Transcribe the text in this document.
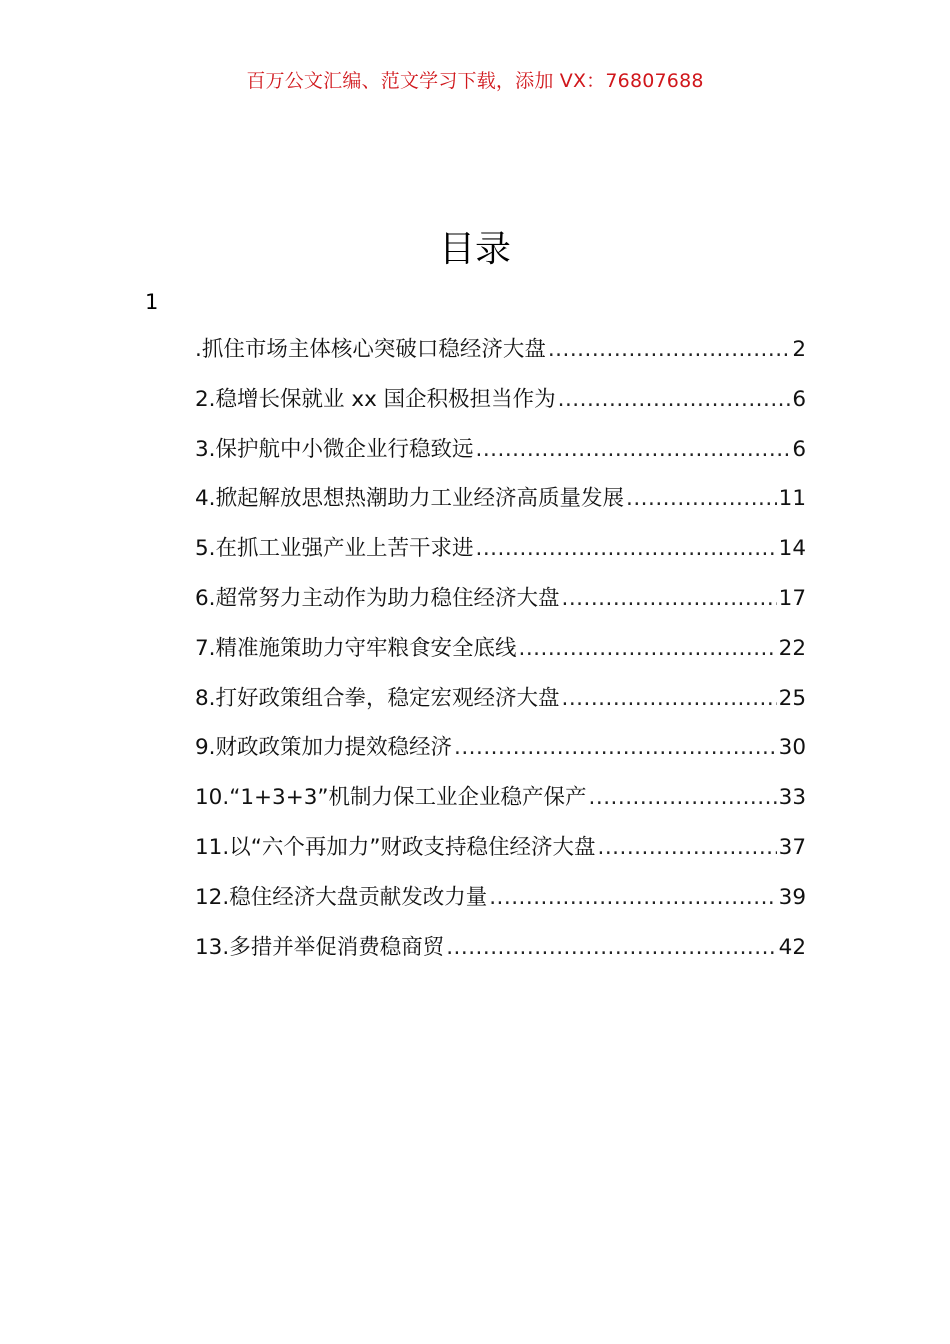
百万公文汇编、范文学习下载，添加 VX：76807688
目录
1
.抓住市场主体核心突破口稳经济大盘 .....	2
2.稳增长保就业 xx 国企积极担当作为 .....	6
3.保护航中小微企业行稳致远 .....	6
4.掀起解放思想热潮助力工业经济高质量发展 .....	11
5.在抓工业强产业上苦干求进 .....	14
6.超常努力主动作为助力稳住经济大盘 .....	17
7.精准施策助力守牢粮食安全底线 .....	22
8.打好政策组合拳，稳定宏观经济大盘 .....	25
9.财政政策加力提效稳经济 .....	30
10.“1+3+3”机制力保工业企业稳产保产 .....	33
11.以“六个再加力”财政支持稳住经济大盘 .....	37
12.稳住经济大盘贡献发改力量 .....	39
13.多措并举促消费稳商贸 .....	42
